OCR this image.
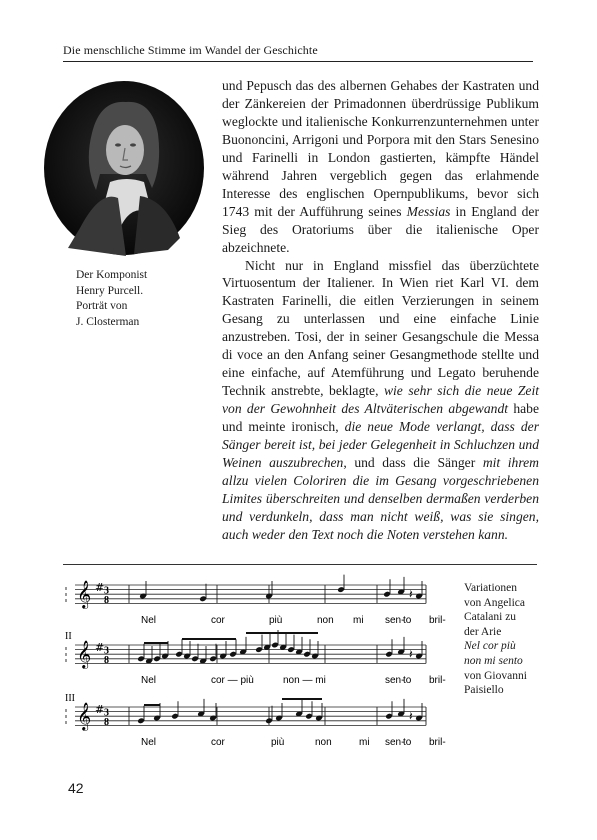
Die menschliche Stimme im Wandel der Geschichte
Der Komponist
Henry Purcell.
Porträt von
J. Closterman

und Pepusch das des albernen Gehabes der Kastraten und der Zänkereien der Primadonnen überdrüssige Publikum weglockte und italienische Konkurrenzunternehmen unter Buononcini, Arrigoni und Porpora mit den Stars Senesino und Farinelli in London gastierten, kämpfte Händel während Jahren vergeblich gegen das erlahmende Interesse des englischen Opernpublikums, bevor sich 1743 mit der Aufführung seines Messias in England der Sieg des Oratoriums über die italienische Oper abzeichnete.

Nicht nur in England missfiel das überzüchtete Virtuosentum der Italiener. In Wien riet Karl VI. dem Kastraten Farinelli, die eitlen Verzierungen in seinem Gesang zu unterlassen und eine einfache Linie anzustreben. Tosi, der in seiner Gesangschule die Messa di voce an den Anfang seiner Gesangmethode stellte und eine einfache, auf Atemführung und Legato beruhende Technik anstrebte, beklagte, wie sehr sich die neue Zeit von der Gewohnheit des Altväterischen abgewandt habe und meinte ironisch, die neue Mode verlangt, dass der Sänger bereit ist, bei jeder Gelegenheit in Schluchzen und Weinen auszubrechen, und dass die Sänger mit ihrem allzu vielen Coloriren die im Gesang vorgeschriebenen Limites überschreiten und denselben dermaßen verderben und verdunkeln, dass man nicht weiß, was sie singen, auch weder den Text noch die Noten verstehen kann.

𝄞 # 3
8
𝄞 # 3
8
II
𝄞 # 3
8
III
𝄽
𝄽
𝄽
Nel	cor	più	non mi sen-
to bril-
Nel	cor — più	non — mi	sen-
to bril-
Nel	cor	più	non	mi sen-
to bril-
Variationen
von Angelica
Catalani zu
der Arie
Nel cor più
non mi sento
von Giovanni
Paisiello
42
